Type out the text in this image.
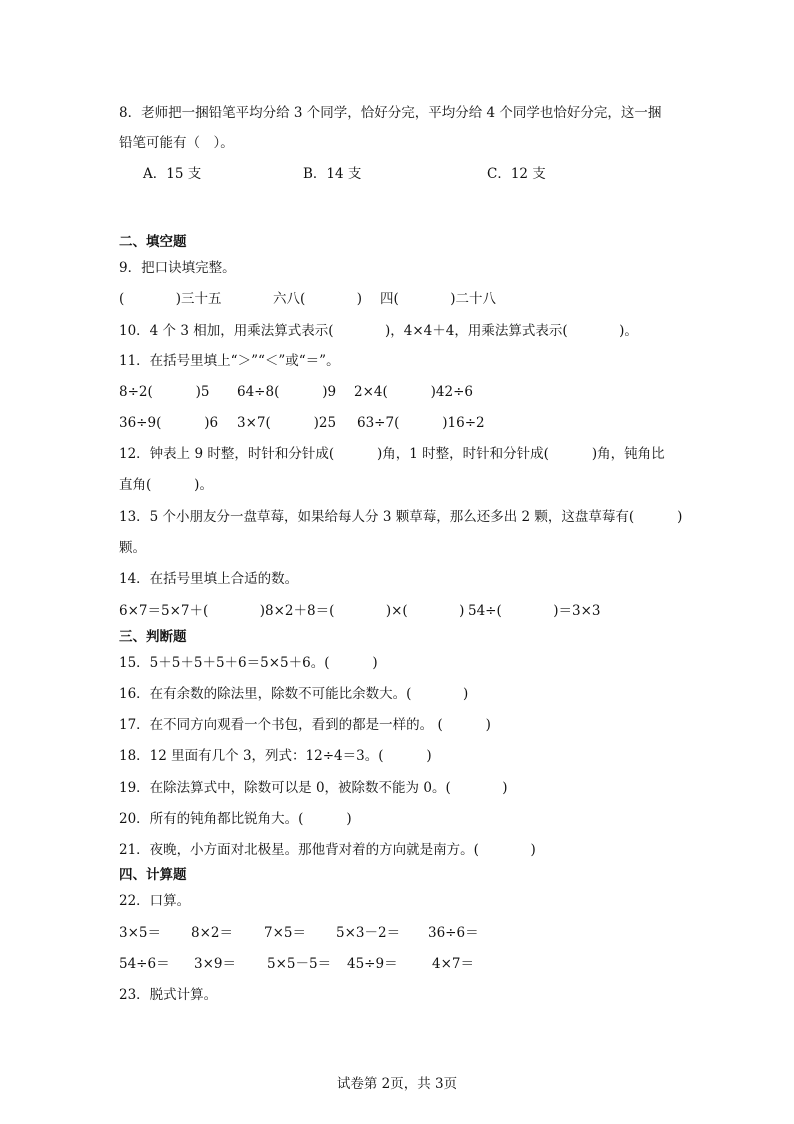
8．老师把一捆铅笔平均分给 3 个同学，恰好分完，平均分给 4 个同学也恰好分完，这一捆
铅笔可能有（　）。
A．15 支	B．14 支	C．12 支
二、填空题
9．把口诀填完整。
(            )三十五	六八(            ) 四(            )二十八
10．4 个 3 相加，用乘法算式表示(            )，4×4＋4，用乘法算式表示(            )。
11．在括号里填上“＞”“＜”或“＝”。
8÷2(          )5 64÷8(          )9 2×4(          )42÷6
36÷9(          )6 3×7(          )25 63÷7(          )16÷2
12．钟表上 9 时整，时针和分针成(          )角，1 时整，时针和分针成(          )角，钝角比
直角(          )。
13．5 个小朋友分一盘草莓，如果给每人分 3 颗草莓，那么还多出 2 颗，这盘草莓有(          )
颗。
14．在括号里填上合适的数。
6×7＝5×7＋(            ) 8×2＋8＝(            )×(            ) 54÷(            )＝3×3
三、判断题
15．5＋5＋5＋5＋6＝5×5＋6。(          )
16．在有余数的除法里，除数不可能比余数大。(            )
17．在不同方向观看一个书包，看到的都是一样的。 (          )
18．12 里面有几个 3，列式：12÷4＝3。(          )
19．在除法算式中，除数可以是 0，被除数不能为 0。(            )
20．所有的钝角都比锐角大。(          )
21．夜晚，小方面对北极星。那他背对着的方向就是南方。(            )
四、计算题
22．口算。
3×5＝ 8×2＝ 7×5＝ 5×3－2＝ 36÷6＝
54÷6＝ 3×9＝ 5×5－5＝ 45÷9＝	4×7＝
23．脱式计算。
试卷第 2页，共 3页
